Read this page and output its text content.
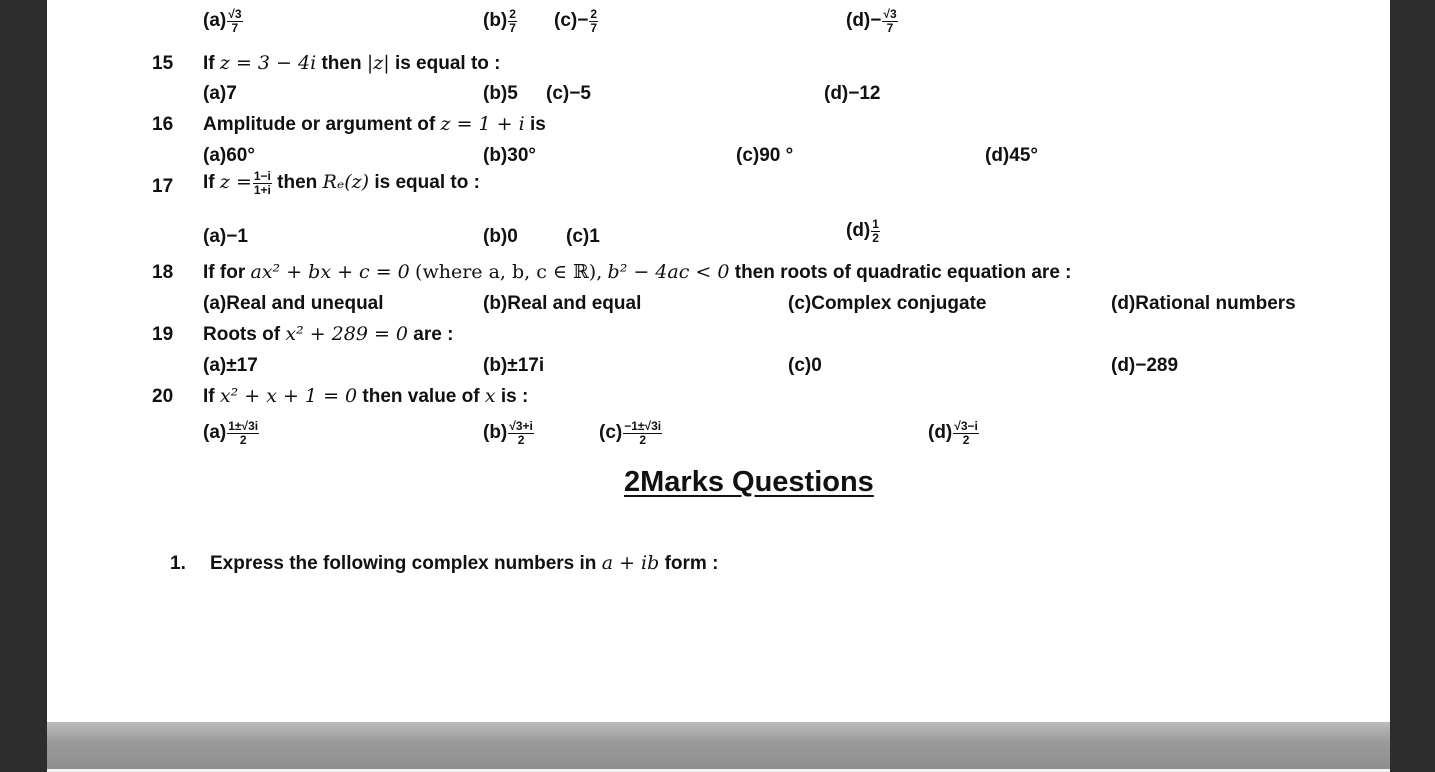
$(a) \frac{√3}{7}$	$(b) \frac{2}{7} (c)- \frac{2}{7}$	$(d)- \frac{√3}{7}$
15 If z = 3 − 4i then |z| is equal to :
(a)7	(b)5 (c)−5	(d)−12
16 Amplitude or argument of z = 1 + i is
(a)60°	(b)30°	(c)90 °	(d)45°
17 If $z = \frac{1-i}{1+i}$ then Rₑ(z) is equal to :
(a)−1	(b)0	(c)1	$(d) \frac{1}{2}$
18 If for ax² + bx + c = 0 (where a, b, c ∈ ℝ), b² − 4ac < 0 then roots of quadratic equation are :
(a)Real and unequal	(b)Real and equal	(c)Complex conjugate	(d)Rational numbers
19 Roots of x² + 289 = 0 are :
(a)±17	(b)±17i	(c)0	(d)−289
20 If x² + x + 1 = 0 then value of x is :
$(a) \frac{1\pm√3i}{2}$	$(b) \frac{√3+i}{2}$	$(c) \frac{-1\pm√3i}{2}$	$(d) \frac{√3-i}{2}$
2Marks Questions
1. Express the following complex numbers in a + ib form :
